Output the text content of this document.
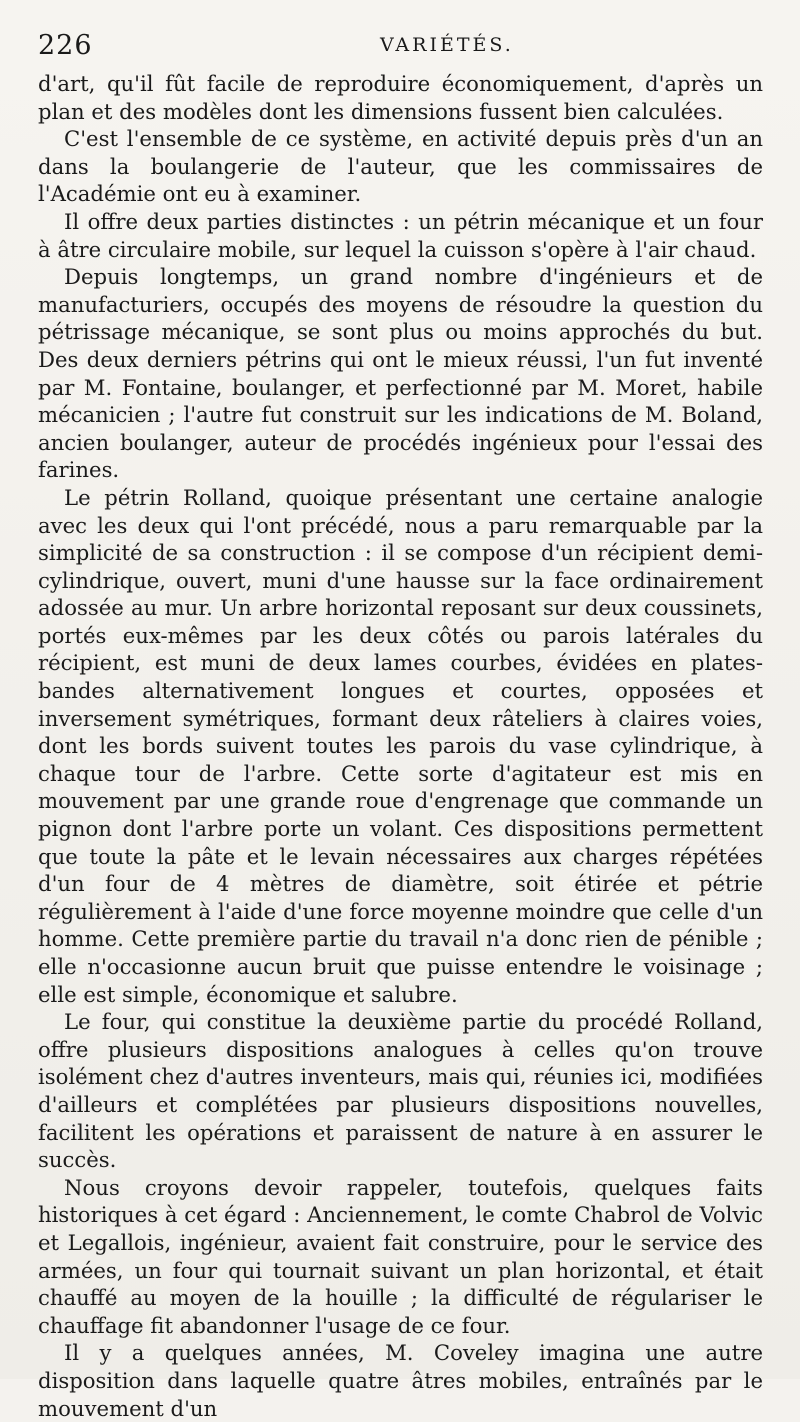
226	VARIÉTÉS.

d'art, qu'il fût facile de reproduire économiquement, d'après un plan et des modèles dont les dimensions fussent bien calculées.

C'est l'ensemble de ce système, en activité depuis près d'un an dans la boulangerie de l'auteur, que les commissaires de l'Académie ont eu à examiner.

Il offre deux parties distinctes : un pétrin mécanique et un four à âtre circulaire mobile, sur lequel la cuisson s'opère à l'air chaud.

Depuis longtemps, un grand nombre d'ingénieurs et de manufacturiers, occupés des moyens de résoudre la question du pétrissage mécanique, se sont plus ou moins approchés du but. Des deux derniers pétrins qui ont le mieux réussi, l'un fut inventé par M. Fontaine, boulanger, et perfectionné par M. Moret, habile mécanicien ; l'autre fut construit sur les indications de M. Boland, ancien boulanger, auteur de procédés ingénieux pour l'essai des farines.

Le pétrin Rolland, quoique présentant une certaine analogie avec les deux qui l'ont précédé, nous a paru remarquable par la simplicité de sa construction : il se compose d'un récipient demi-cylindrique, ouvert, muni d'une hausse sur la face ordinairement adossée au mur. Un arbre horizontal reposant sur deux coussinets, portés eux-mêmes par les deux côtés ou parois latérales du récipient, est muni de deux lames courbes, évidées en plates-bandes alternativement longues et courtes, opposées et inversement symétriques, formant deux râteliers à claires voies, dont les bords suivent toutes les parois du vase cylindrique, à chaque tour de l'arbre. Cette sorte d'agitateur est mis en mouvement par une grande roue d'engrenage que commande un pignon dont l'arbre porte un volant. Ces dispositions permettent que toute la pâte et le levain nécessaires aux charges répétées d'un four de 4 mètres de diamètre, soit étirée et pétrie régulièrement à l'aide d'une force moyenne moindre que celle d'un homme. Cette première partie du travail n'a donc rien de pénible ; elle n'occasionne aucun bruit que puisse entendre le voisinage ; elle est simple, économique et salubre.

Le four, qui constitue la deuxième partie du procédé Rolland, offre plusieurs dispositions analogues à celles qu'on trouve isolément chez d'autres inventeurs, mais qui, réunies ici, modifiées d'ailleurs et complétées par plusieurs dispositions nouvelles, facilitent les opérations et paraissent de nature à en assurer le succès.

Nous croyons devoir rappeler, toutefois, quelques faits historiques à cet égard : Anciennement, le comte Chabrol de Volvic et Legallois, ingénieur, avaient fait construire, pour le service des armées, un four qui tournait suivant un plan horizontal, et était chauffé au moyen de la houille ; la difficulté de régulariser le chauffage fit abandonner l'usage de ce four.

Il y a quelques années, M. Coveley imagina une autre disposition dans laquelle quatre âtres mobiles, entraînés par le mouvement d'un
